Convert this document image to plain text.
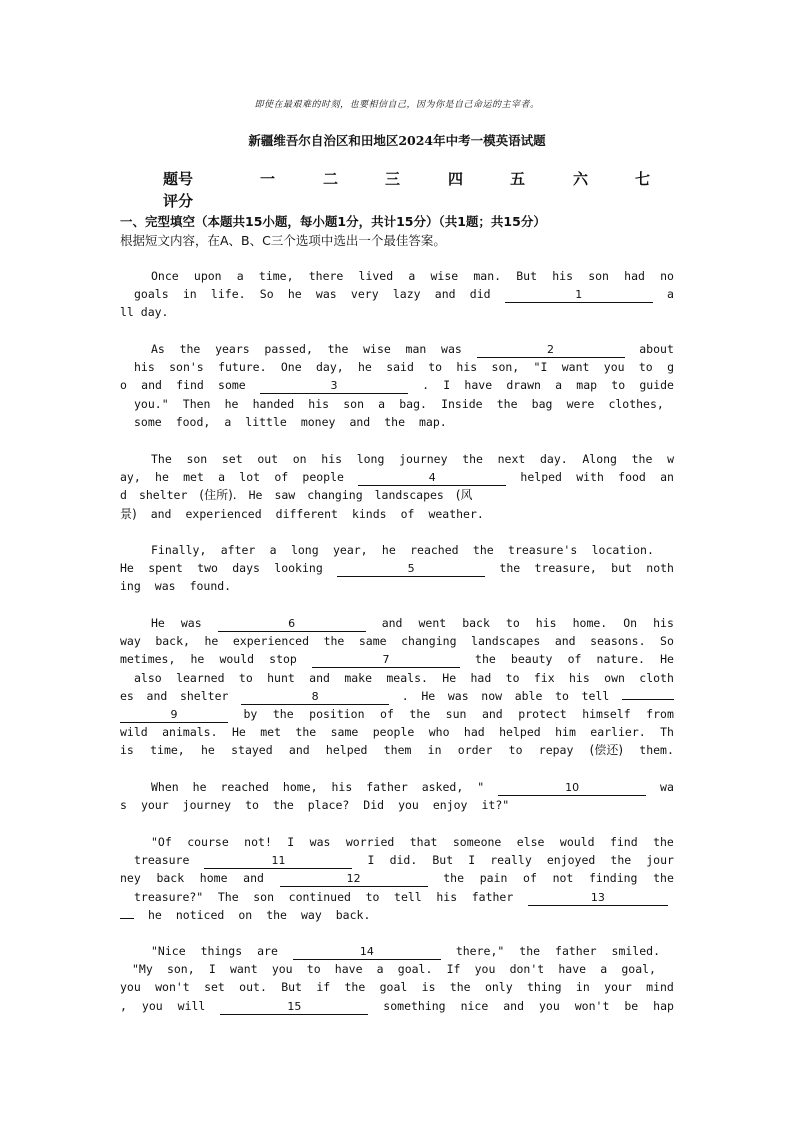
即使在最艰难的时刻，也要相信自己，因为你是自己命运的主宰者。
新疆维吾尔自治区和田地区2024年中考一模英语试题
题号	一	二	三	四	五	六	七
评分
一、完型填空（本题共15小题，每小题1分，共计15分）（共1题；共15分）
根据短文内容，在A、B、C三个选项中选出一个最佳答案。
Once upon a time, there lived a wise man. But his son had no
goals in life. So he was very lazy and did	1	a
ll day.
As the years passed, the wise man was	2	about
his son's future. One day, he said to his son, "I want you to g
o and find some	3	. I have drawn a map to guide
you." Then he handed his son a bag. Inside the bag were clothes,
some food, a little money and the map.
The son set out on his long journey the next day. Along the w
ay, he met a lot of people	4	helped with food an
d shelter (住所). He saw changing landscapes (风
景) and experienced different kinds of weather.
Finally, after a long year, he reached the treasure's location.
He spent two days looking	5	the treasure, but noth
ing was found.
He was	6	and went back to his home. On his
way back, he experienced the same changing landscapes and seasons. So
metimes, he would stop	7	the beauty of nature. He
also learned to hunt and make meals. He had to fix his own cloth
es and shelter	8	. He was now able to tell
9	by the position of the sun and protect himself from
wild animals. He met the same people who had helped him earlier. Th
is time, he stayed and helped them in order to repay (偿还) them.
When he reached home, his father asked, "	10	wa
s your journey to the place? Did you enjoy it?"
"Of course not! I was worried that someone else would find the
treasure	11	I did. But I really enjoyed the jour
ney back home and	12	the pain of not finding the
treasure?" The son continued to tell his father	13
he noticed on the way back.
"Nice things are	14	there," the father smiled.
"My son, I want you to have a goal. If you don't have a goal,
you won't set out. But if the goal is the only thing in your mind
, you will	15	something nice and you won't be hap
